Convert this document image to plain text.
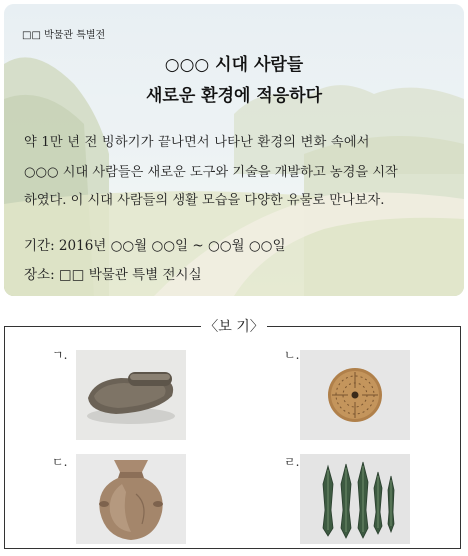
□□ 박물관 특별전
○○○ 시대 사람들
새로운 환경에 적응하다
약 1만 년 전 빙하기가 끝나면서 나타난 환경의 변화 속에서
○○○ 시대 사람들은 새로운 도구와 기술을 개발하고 농경을 시작
하였다. 이 시대 사람들의 생활 모습을 다양한 유물로 만나보자.
기간: 2016년 ○○월 ○○일 ~ ○○월 ○○일
장소: □□ 박물관 특별 전시실
〈보 기〉
ㄱ.	ㄴ.
ㄷ.	ㄹ.
